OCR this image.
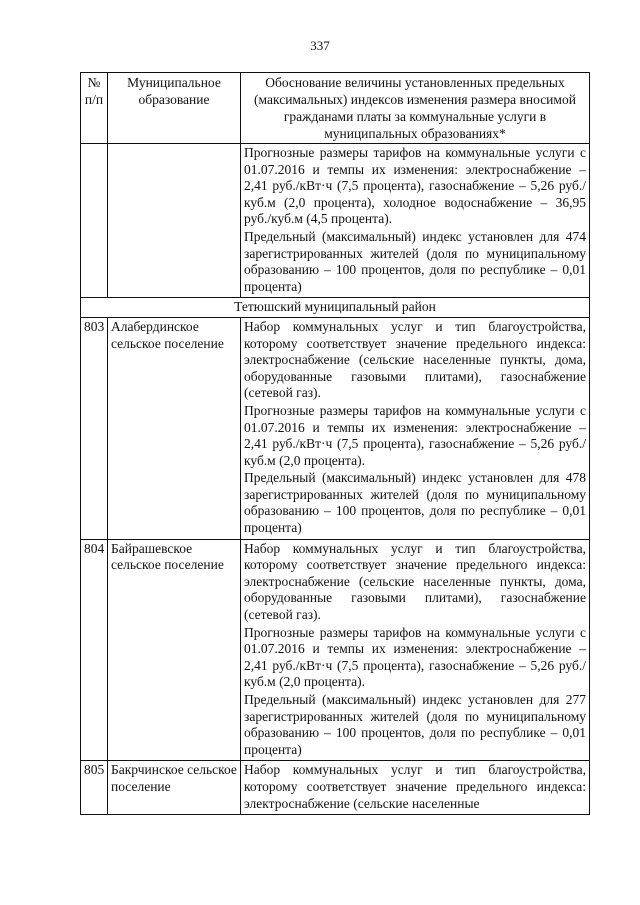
337
№
п/п	Муниципальное образование	Обоснование величины установленных предельных (максимальных) индексов изменения размера вносимой гражданами платы за коммунальные услуги в муниципальных образованиях*

		Прогнозные размеры тарифов на коммунальные услуги с 01.07.2016 и темпы их изменения: электроснабжение – 2,41 руб./кВт·ч (7,5 процента), газоснабжение – 5,26 руб./куб.м (2,0 процента), холодное водоснабжение – 36,95 руб./куб.м (4,5 процента).

Предельный (максимальный) индекс установлен для 474 зарегистрированных жителей (доля по муниципальному образованию – 100 процентов, доля по республике – 0,01 процента)

Тетюшский муниципальный район		
803	Алабердинское сельское поселение	Набор коммунальных услуг и тип благоустройства, которому соответствует значение предельного индекса: электроснабжение (сельские населенные пункты, дома, оборудованные газовыми плитами), газоснабжение (сетевой газ).

Прогнозные размеры тарифов на коммунальные услуги с 01.07.2016 и темпы их изменения: электроснабжение – 2,41 руб./кВт·ч (7,5 процента), газоснабжение – 5,26 руб./куб.м (2,0 процента).

Предельный (максимальный) индекс установлен для 478 зарегистрированных жителей (доля по муниципальному образованию – 100 процентов, доля по республике – 0,01 процента)

804	Байрашевское сельское поселение	Набор коммунальных услуг и тип благоустройства, которому соответствует значение предельного индекса: электроснабжение (сельские населенные пункты, дома, оборудованные газовыми плитами), газоснабжение (сетевой газ).

Прогнозные размеры тарифов на коммунальные услуги с 01.07.2016 и темпы их изменения: электроснабжение – 2,41 руб./кВт·ч (7,5 процента), газоснабжение – 5,26 руб./куб.м (2,0 процента).

Предельный (максимальный) индекс установлен для 277 зарегистрированных жителей (доля по муниципальному образованию – 100 процентов, доля по республике – 0,01 процента)

805	Бакрчинское сельское поселение	Набор коммунальных услуг и тип благоустройства, которому соответствует значение предельного индекса: электроснабжение (сельские населенные
